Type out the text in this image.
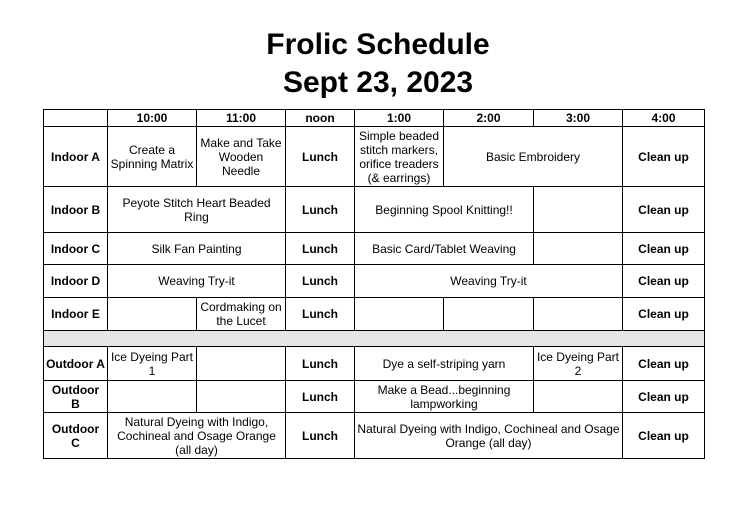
Frolic Schedule
Sept 23, 2023
	10:00	11:00	noon	1:00	2:00	3:00	4:00
Indoor A	Create a Spinning Matrix	Make and Take Wooden Needle	Lunch	Simple beaded stitch markers, orifice treaders (& earrings)	Basic Embroidery		Clean up
Indoor B	Peyote Stitch Heart Beaded Ring		Lunch	Beginning Spool Knitting!!			Clean up
Indoor C	Silk Fan Painting		Lunch	Basic Card/Tablet Weaving			Clean up
Indoor D	Weaving Try-it		Lunch	Weaving Try-it			Clean up
Indoor E		Cordmaking on the Lucet	Lunch				Clean up

Outdoor A	Ice Dyeing Part 1		Lunch	Dye a self-striping yarn		Ice Dyeing Part 2	Clean up
Outdoor B			Lunch	Make a Bead...beginning lampworking			Clean up
Outdoor C	Natural Dyeing with Indigo, Cochineal and Osage Orange (all day)		Lunch	Natural Dyeing with Indigo, Cochineal and Osage Orange (all day)			Clean up
